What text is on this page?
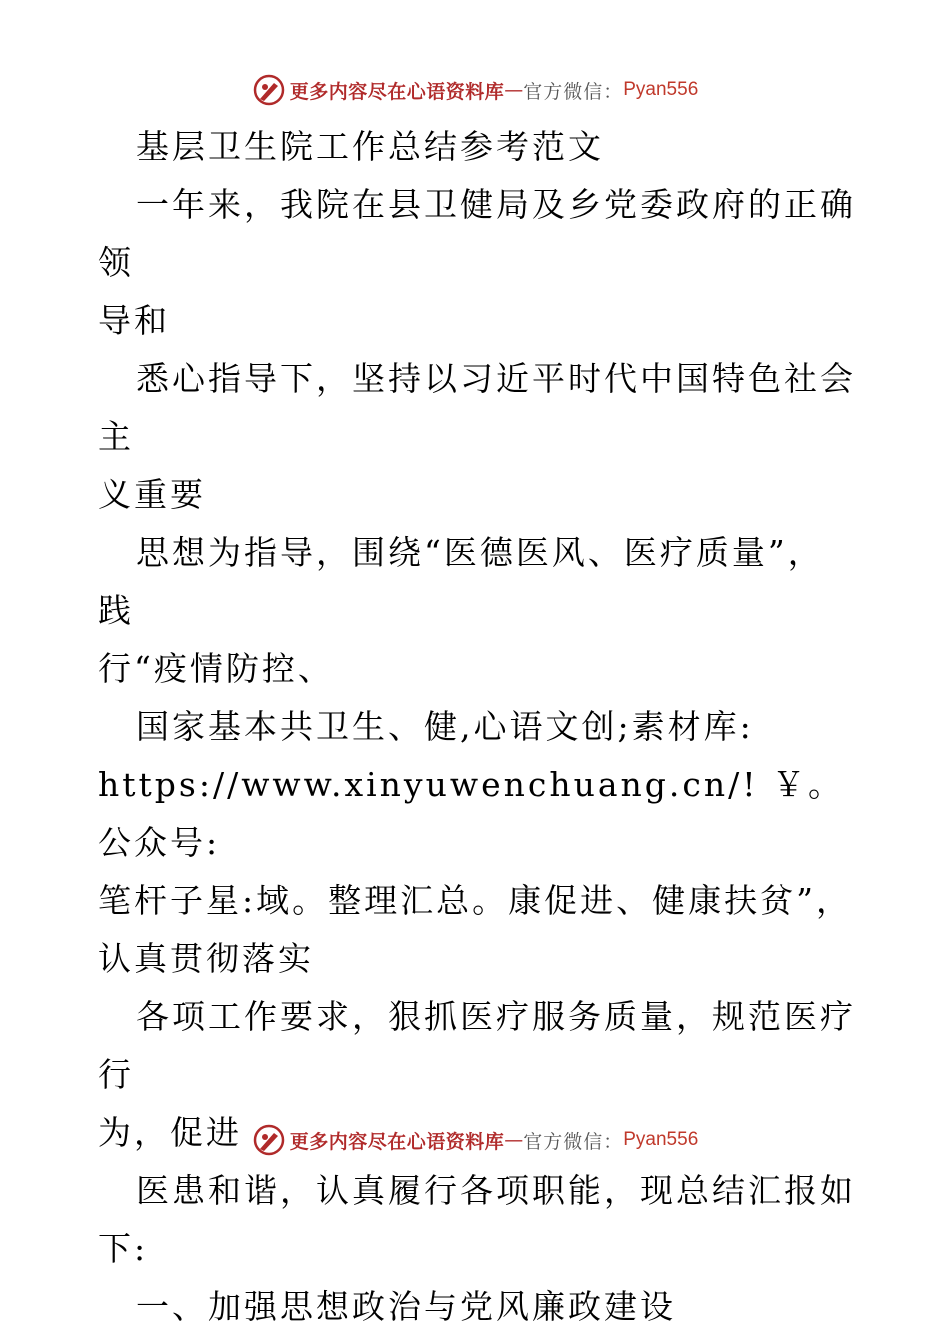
更多内容尽在心语资料库 — 官方微信： Pyan556

基层卫生院工作总结参考范文

一年来，我院在县卫健局及乡党委政府的正确领

导和

悉心指导下，坚持以习近平时代中国特色社会主

义重要

思想为指导，围绕“医德医风、医疗质量”，践

行“疫情防控、

国家基本共卫生、健,心语文创;素材库:

https://www.xinyuwenchuang.cn/! ￥。公众号:

笔杆子星:域。整理汇总。康促进、健康扶贫”，

认真贯彻落实

各项工作要求，狠抓医疗服务质量，规范医疗行

为，促进

医患和谐，认真履行各项职能，现总结汇报如

下:

一、加强思想政治与党风廉政建设

更多内容尽在心语资料库 — 官方微信： Pyan556
